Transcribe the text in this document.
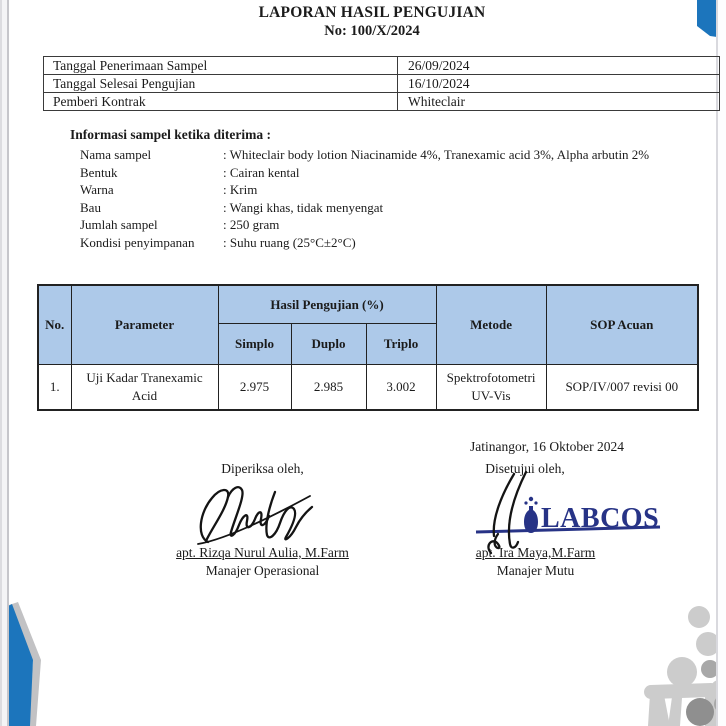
LAPORAN HASIL PENGUJIAN
No: 100/X/2024
Tanggal Penerimaan Sampel	26/09/2024
Tanggal Selesai Pengujian	16/10/2024
Pemberi Kontrak	Whiteclair
Informasi sampel ketika diterima :
Nama sampel	: Whiteclair body lotion Niacinamide 4%, Tranexamic acid 3%, Alpha arbutin 2%
Bentuk	: Cairan kental
Warna	: Krim
Bau	: Wangi khas, tidak menyengat
Jumlah sampel	: 250 gram
Kondisi penyimpanan : Suhu ruang (25°C±2°C)
No.	Parameter	Hasil Pengujian (%)			Metode	SOP Acuan
		Simplo	Duplo	Triplo		
1.	Uji Kadar Tranexamic Acid	2.975	2.985	3.002	Spektrofotometri UV-Vis	SOP/IV/007 revisi 00
Jatinangor, 16 Oktober 2024
Diperiksa oleh,	Disetujui oleh,
LABCOS
apt. Rizqa Nurul Aulia, M.Farm
Manajer Operasional
apt. Ira Maya,M.Farm
Manajer Mutu
